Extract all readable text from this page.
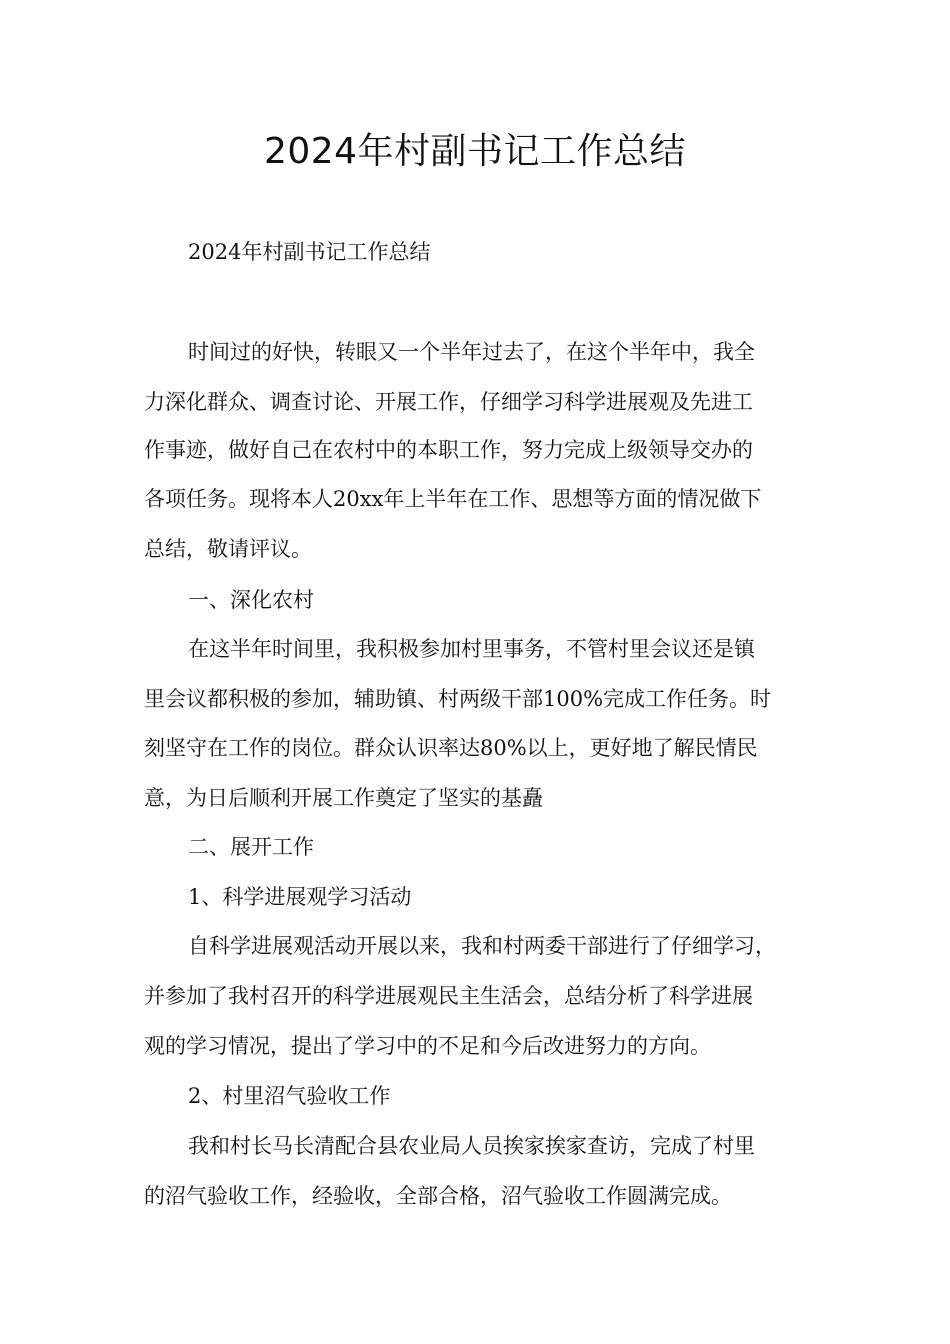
2024年村副书记工作总结

2024年村副书记工作总结

时间过的好快，转眼又一个半年过去了，在这个半年中，我全

力深化群众、调查讨论、开展工作，仔细学习科学进展观及先进工

作事迹，做好自己在农村中的本职工作，努力完成上级领导交办的

各项任务。现将本人20xx年上半年在工作、思想等方面的情况做下

总结，敬请评议。

一、深化农村

在这半年时间里，我积极参加村里事务，不管村里会议还是镇

里会议都积极的参加，辅助镇、村两级干部100%完成工作任务。时

刻坚守在工作的岗位。群众认识率达80%以上，更好地了解民情民

意，为日后顺利开展工作奠定了坚实的基矗

二、展开工作

1、科学进展观学习活动

自科学进展观活动开展以来，我和村两委干部进行了仔细学习，

并参加了我村召开的科学进展观民主生活会，总结分析了科学进展

观的学习情况，提出了学习中的不足和今后改进努力的方向。

2、村里沼气验收工作

我和村长马长清配合县农业局人员挨家挨家查访，完成了村里

的沼气验收工作，经验收，全部合格，沼气验收工作圆满完成。
